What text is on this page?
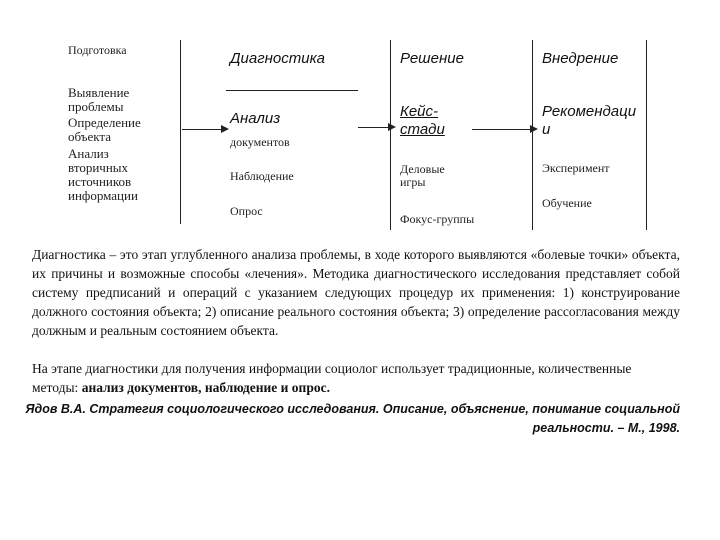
Подготовка
Выявление проблемы
Определение объекта
Анализ вторичных источников информации
Диагностика
Анализ
документов
Наблюдение
Опрос
Решение
Кейс-стади
Деловые игры
Фокус-группы
Внедрение
Рекомендации
Эксперимент
Обучение
Диагностика – это этап углубленного анализа проблемы, в ходе которого выявляются «болевые точки» объекта, их причины и возможные способы «лечения». Методика диагностического исследования представляет собой систему предписаний и операций с указанием следующих процедур их применения: 1) конструирование должного состояния объекта; 2) описание реального состояния объекта; 3) определение рассогласования между должным и реальным состоянием объекта.
На этапе диагностики для получения информации социолог использует традиционные, количественные методы: анализ документов, наблюдение и опрос.
Ядов В.А. Стратегия социологического исследования. Описание, объяснение, понимание социальной реальности. – М., 1998.
